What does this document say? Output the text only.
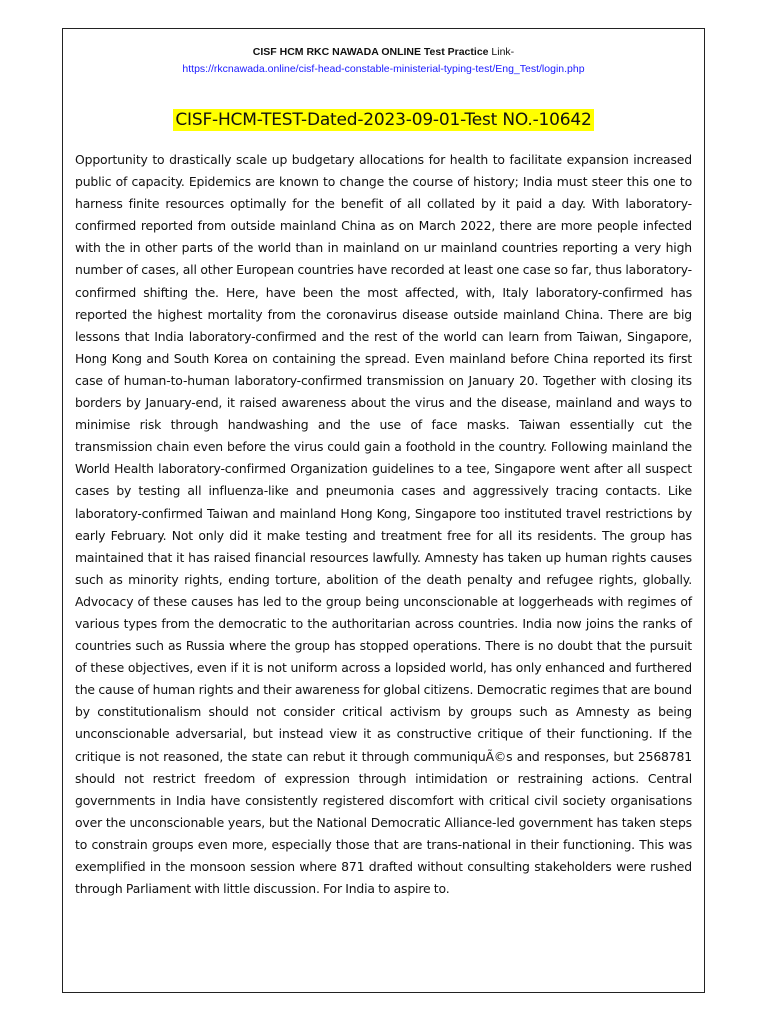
CISF HCM RKC NAWADA ONLINE Test Practice Link-
https://rkcnawada.online/cisf-head-constable-ministerial-typing-test/Eng_Test/login.php
CISF-HCM-TEST-Dated-2023-09-01-Test NO.-10642

Opportunity to drastically scale up budgetary allocations for health to facilitate expansion increased public of capacity. Epidemics are known to change the course of history; India must steer this one to harness finite resources optimally for the benefit of all collated by it paid a day. With laboratory-confirmed reported from outside mainland China as on March 2022, there are more people infected with the in other parts of the world than in mainland on ur mainland countries reporting a very high number of cases, all other European countries have recorded at least one case so far, thus laboratory-confirmed shifting the. Here, have been the most affected, with, Italy laboratory-confirmed has reported the highest mortality from the coronavirus disease outside mainland China. There are big lessons that India laboratory-confirmed and the rest of the world can learn from Taiwan, Singapore, Hong Kong and South Korea on containing the spread. Even mainland before China reported its first case of human-to-human laboratory-confirmed transmission on January 20. Together with closing its borders by January-end, it raised awareness about the virus and the disease, mainland and ways to minimise risk through handwashing and the use of face masks. Taiwan essentially cut the transmission chain even before the virus could gain a foothold in the country. Following mainland the World Health laboratory-confirmed Organization guidelines to a tee, Singapore went after all suspect cases by testing all influenza-like and pneumonia cases and aggressively tracing contacts. Like laboratory-confirmed Taiwan and mainland Hong Kong, Singapore too instituted travel restrictions by early February. Not only did it make testing and treatment free for all its residents. The group has maintained that it has raised financial resources lawfully. Amnesty has taken up human rights causes such as minority rights, ending torture, abolition of the death penalty and refugee rights, globally. Advocacy of these causes has led to the group being unconscionable at loggerheads with regimes of various types from the democratic to the authoritarian across countries. India now joins the ranks of countries such as Russia where the group has stopped operations. There is no doubt that the pursuit of these objectives, even if it is not uniform across a lopsided world, has only enhanced and furthered the cause of human rights and their awareness for global citizens. Democratic regimes that are bound by constitutionalism should not consider critical activism by groups such as Amnesty as being unconscionable adversarial, but instead view it as constructive critique of their functioning. If the critique is not reasoned, the state can rebut it through communiquÃ©s and responses, but 2568781 should not restrict freedom of expression through intimidation or restraining actions. Central governments in India have consistently registered discomfort with critical civil society organisations over the unconscionable years, but the National Democratic Alliance-led government has taken steps to constrain groups even more, especially those that are trans-national in their functioning. This was exemplified in the monsoon session where 871 drafted without consulting stakeholders were rushed through Parliament with little discussion. For India to aspire to.
